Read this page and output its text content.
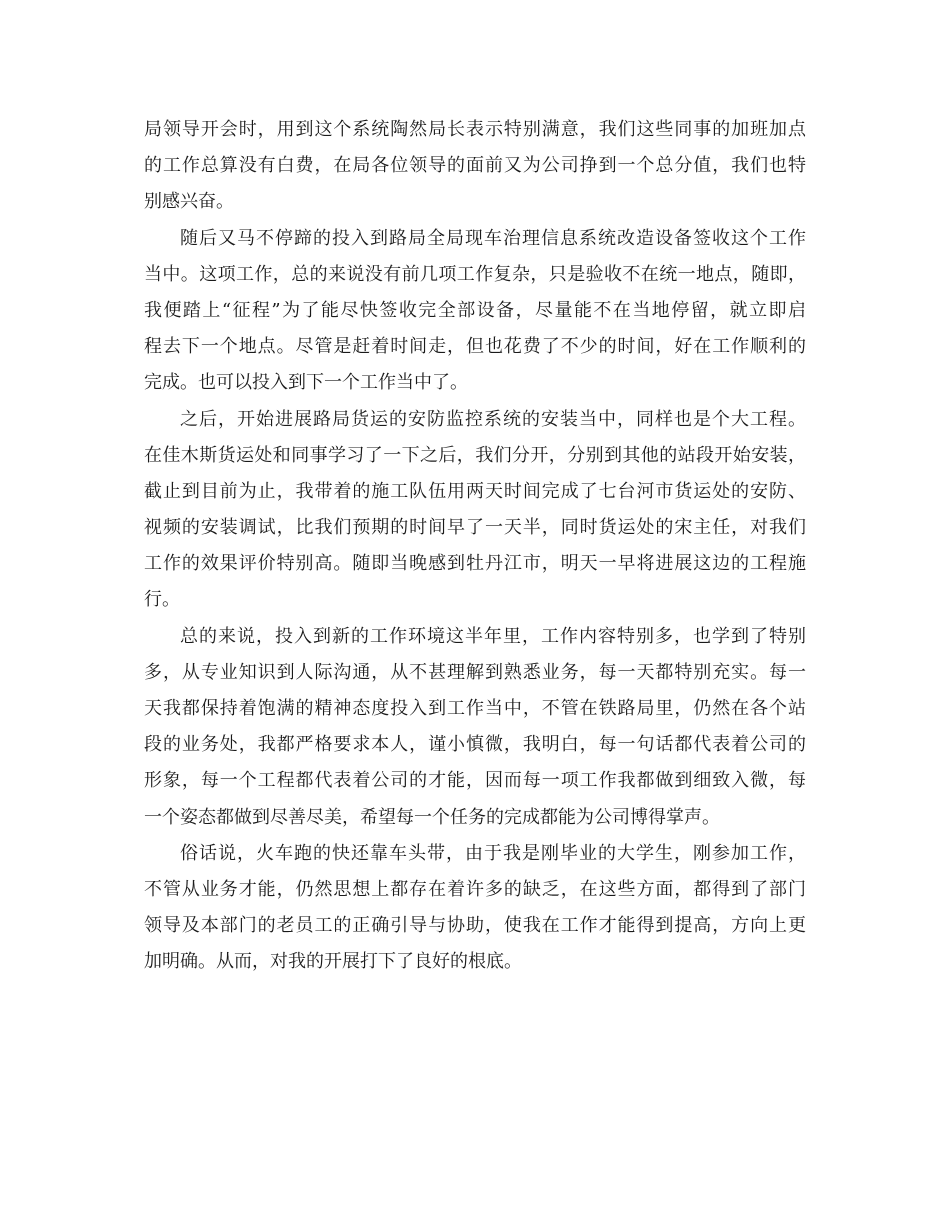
局领导开会时，用到这个系统陶然局长表示特别满意，我们这些同事的加班加点
的工作总算没有白费，在局各位领导的面前又为公司挣到一个总分值，我们也特
别感兴奋。
随后又马不停蹄的投入到路局全局现车治理信息系统改造设备签收这个工作
当中。这项工作，总的来说没有前几项工作复杂，只是验收不在统一地点，随即，
我便踏上“征程”为了能尽快签收完全部设备，尽量能不在当地停留，就立即启
程去下一个地点。尽管是赶着时间走，但也花费了不少的时间，好在工作顺利的
完成。也可以投入到下一个工作当中了。
之后，开始进展路局货运的安防监控系统的安装当中，同样也是个大工程。
在佳木斯货运处和同事学习了一下之后，我们分开，分别到其他的站段开始安装，
截止到目前为止，我带着的施工队伍用两天时间完成了七台河市货运处的安防、
视频的安装调试，比我们预期的时间早了一天半，同时货运处的宋主任，对我们
工作的效果评价特别高。随即当晚感到牡丹江市，明天一早将进展这边的工程施
行。
总的来说，投入到新的工作环境这半年里，工作内容特别多，也学到了特别
多，从专业知识到人际沟通，从不甚理解到熟悉业务，每一天都特别充实。每一
天我都保持着饱满的精神态度投入到工作当中，不管在铁路局里，仍然在各个站
段的业务处，我都严格要求本人，谨小慎微，我明白，每一句话都代表着公司的
形象，每一个工程都代表着公司的才能，因而每一项工作我都做到细致入微，每
一个姿态都做到尽善尽美，希望每一个任务的完成都能为公司博得掌声。
俗话说，火车跑的快还靠车头带，由于我是刚毕业的大学生，刚参加工作，
不管从业务才能，仍然思想上都存在着许多的缺乏，在这些方面，都得到了部门
领导及本部门的老员工的正确引导与协助，使我在工作才能得到提高，方向上更
加明确。从而，对我的开展打下了良好的根底。
